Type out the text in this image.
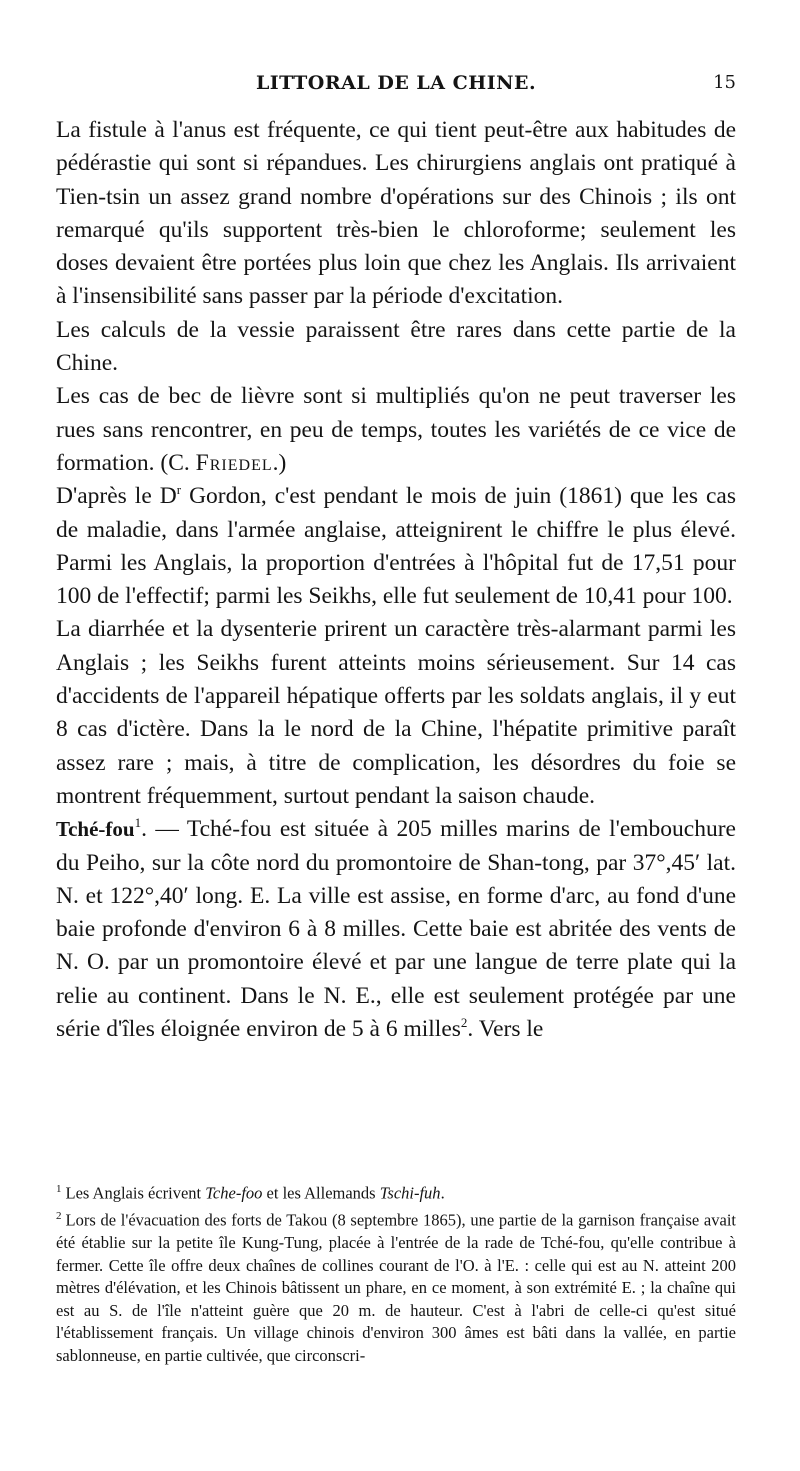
LITTORAL DE LA CHINE.	15

La fistule à l'anus est fréquente, ce qui tient peut-être aux habitudes de pédérastie qui sont si répandues. Les chirurgiens anglais ont pratiqué à Tien-tsin un assez grand nombre d'opérations sur des Chinois ; ils ont remarqué qu'ils supportent très-bien le chloroforme; seulement les doses devaient être portées plus loin que chez les Anglais. Ils arrivaient à l'insensibilité sans passer par la période d'excitation.

Les calculs de la vessie paraissent être rares dans cette partie de la Chine.

Les cas de bec de lièvre sont si multipliés qu'on ne peut traverser les rues sans rencontrer, en peu de temps, toutes les variétés de ce vice de formation. (C. Friedel.)

D'après le $D^r$ Gordon, c'est pendant le mois de juin (1861) que les cas de maladie, dans l'armée anglaise, atteignirent le chiffre le plus élevé. Parmi les Anglais, la proportion d'entrées à l'hôpital fut de 17,51 pour 100 de l'effectif; parmi les Seikhs, elle fut seulement de 10,41 pour 100.

La diarrhée et la dysenterie prirent un caractère très-alarmant parmi les Anglais ; les Seikhs furent atteints moins sérieusement. Sur 14 cas d'accidents de l'appareil hépatique offerts par les soldats anglais, il y eut 8 cas d'ictère. Dans la le nord de la Chine, l'hépatite primitive paraît assez rare ; mais, à titre de complication, les désordres du foie se montrent fréquemment, surtout pendant la saison chaude.

Tché-fou$^1$. — Tché-fou est située à 205 milles marins de l'embouchure du Peiho, sur la côte nord du promontoire de Shan-tong, par 37°,45′ lat. N. et 122°,40′ long. E. La ville est assise, en forme d'arc, au fond d'une baie profonde d'environ 6 à 8 milles. Cette baie est abritée des vents de N. O. par un promontoire élevé et par une langue de terre plate qui la relie au continent. Dans le N. E., elle est seulement protégée par une série d'îles éloignée environ de 5 à 6 milles$^2$. Vers le

$^1$ Les Anglais écrivent Tche-foo et les Allemands Tschi-fuh.

$^2$ Lors de l'évacuation des forts de Takou (8 septembre 1865), une partie de la garnison française avait été établie sur la petite île Kung-Tung, placée à l'entrée de la rade de Tché-fou, qu'elle contribue à fermer. Cette île offre deux chaînes de collines courant de l'O. à l'E. : celle qui est au N. atteint 200 mètres d'élévation, et les Chinois bâtissent un phare, en ce moment, à son extrémité E. ; la chaîne qui est au S. de l'île n'atteint guère que 20 m. de hauteur. C'est à l'abri de celle-ci qu'est situé l'établissement français. Un village chinois d'environ 300 âmes est bâti dans la vallée, en partie sablonneuse, en partie cultivée, que circonscri-
